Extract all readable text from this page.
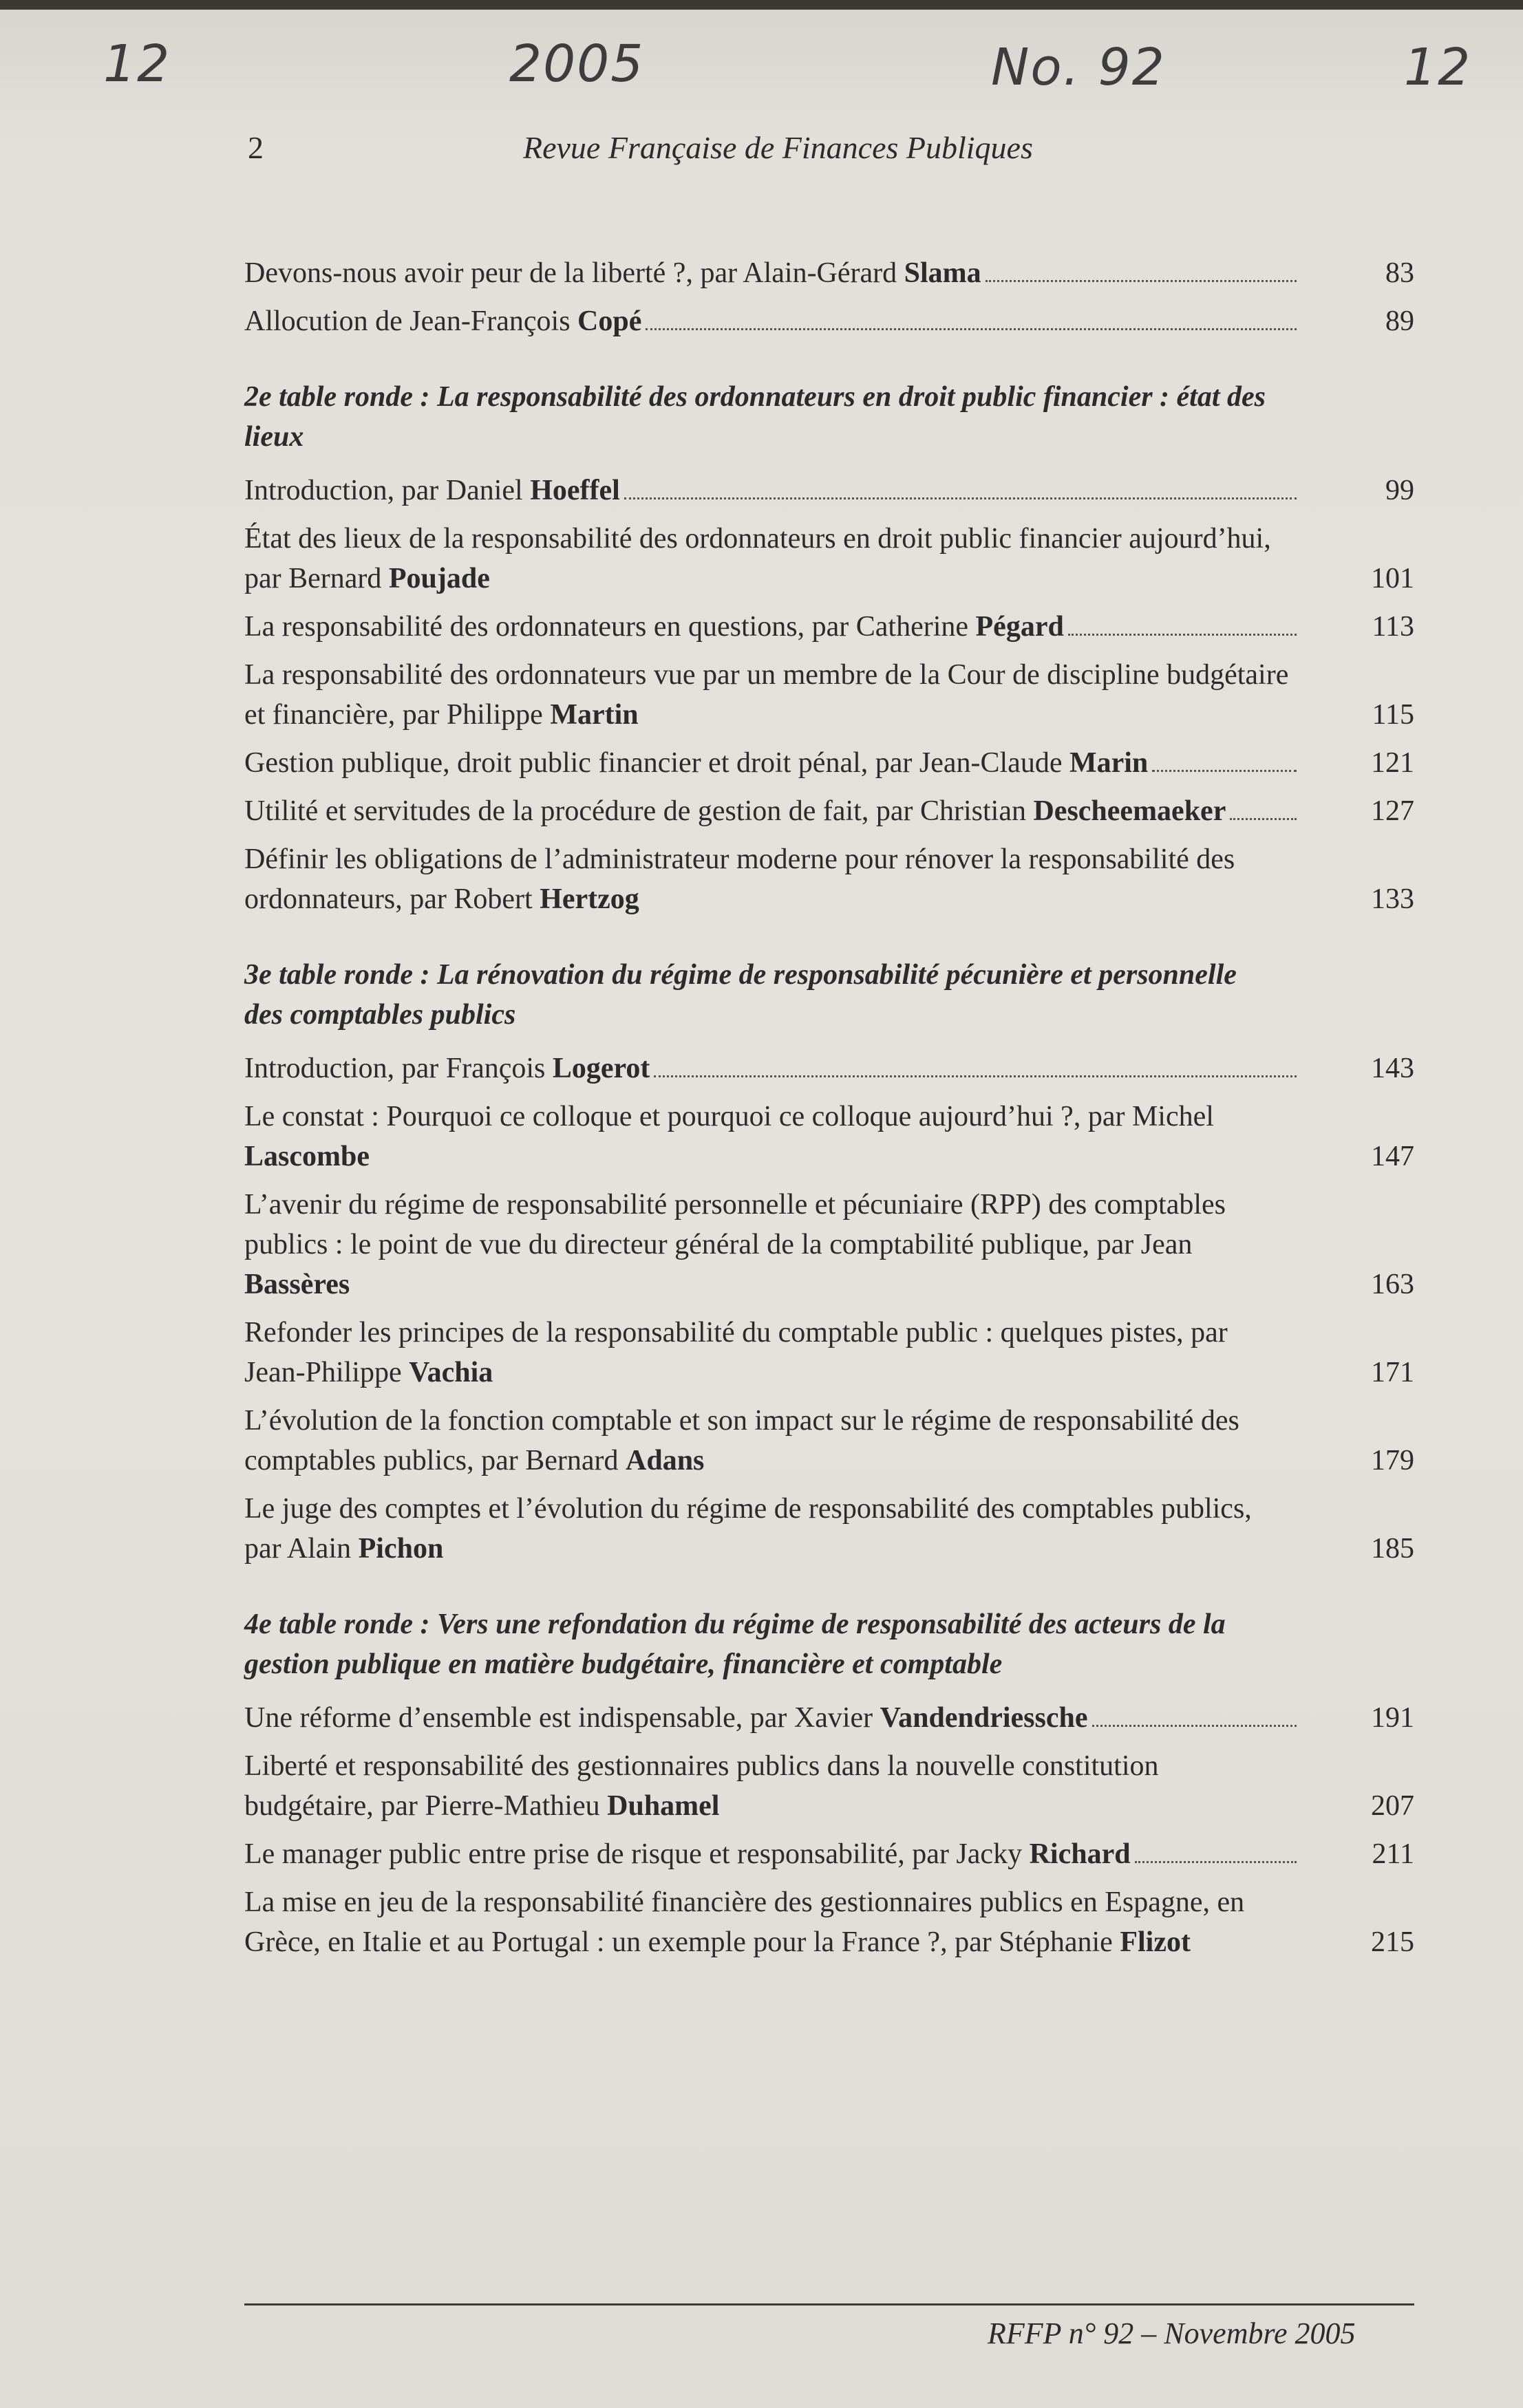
12	2005	No. 92	12
2	Revue Française de Finances Publiques
Devons-nous avoir peur de la liberté ?, par Alain-Gérard Slama	83
Allocution de Jean-François Copé	89
2e table ronde : La responsabilité des ordonnateurs en droit public financier : état des lieux
Introduction, par Daniel Hoeffel	99
État des lieux de la responsabilité des ordonnateurs en droit public financier aujourd’hui, par Bernard Poujade	101
La responsabilité des ordonnateurs en questions, par Catherine Pégard	113
La responsabilité des ordonnateurs vue par un membre de la Cour de discipline budgétaire et financière, par Philippe Martin	115
Gestion publique, droit public financier et droit pénal, par Jean-Claude Marin	121
Utilité et servitudes de la procédure de gestion de fait, par Christian Descheemaeker	127
Définir les obligations de l’administrateur moderne pour rénover la responsabilité des ordonnateurs, par Robert Hertzog	133
3e table ronde : La rénovation du régime de responsabilité pécunière et personnelle des comptables publics
Introduction, par François Logerot	143
Le constat : Pourquoi ce colloque et pourquoi ce colloque aujourd’hui ?, par Michel Lascombe	147
L’avenir du régime de responsabilité personnelle et pécuniaire (RPP) des comptables publics : le point de vue du directeur général de la comptabilité publique, par Jean Bassères	163
Refonder les principes de la responsabilité du comptable public : quelques pistes, par Jean-Philippe Vachia	171
L’évolution de la fonction comptable et son impact sur le régime de responsabilité des comptables publics, par Bernard Adans	179
Le juge des comptes et l’évolution du régime de responsabilité des comptables publics, par Alain Pichon	185
4e table ronde : Vers une refondation du régime de responsabilité des acteurs de la gestion publique en matière budgétaire, financière et comptable
Une réforme d’ensemble est indispensable, par Xavier Vandendriessche	191
Liberté et responsabilité des gestionnaires publics dans la nouvelle constitution budgétaire, par Pierre-Mathieu Duhamel	207
Le manager public entre prise de risque et responsabilité, par Jacky Richard	211
La mise en jeu de la responsabilité financière des gestionnaires publics en Espagne, en Grèce, en Italie et au Portugal : un exemple pour la France ?, par Stéphanie Flizot	215
RFFP n° 92 – Novembre 2005
